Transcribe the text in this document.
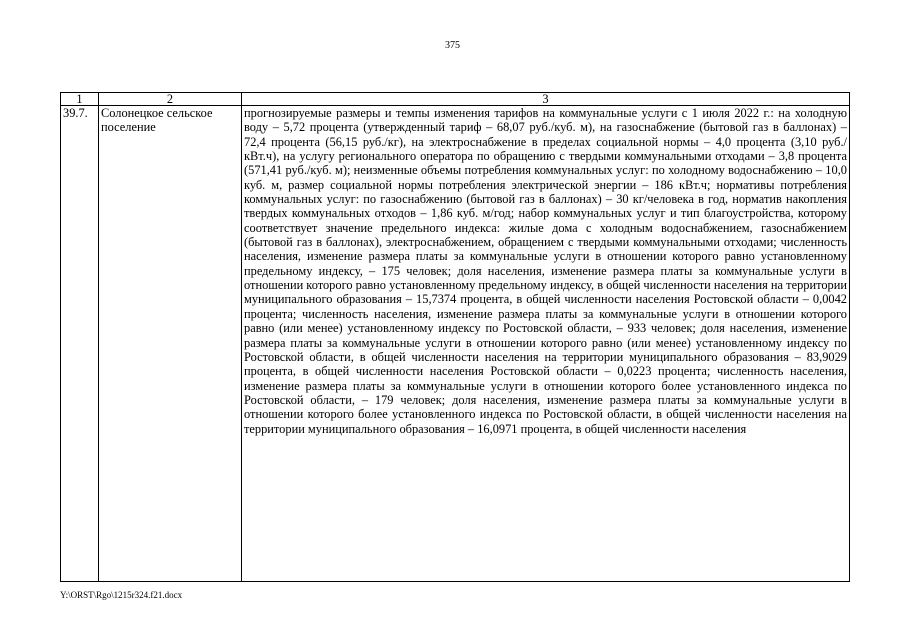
375
1	2	3
39.7.	Солонецкое сельское поселение	прогнозируемые размеры и темпы изменения тарифов на коммунальные услуги с 1 июля 2022 г.: на холодную воду – 5,72 процента (утвержденный тариф – 68,07 руб./куб. м), на газоснабжение (бытовой газ в баллонах) – 72,4 процента (56,15 руб./кг), на электроснабжение в пределах социальной нормы – 4,0 процента (3,10 руб./кВт.ч), на услугу регионального оператора по обращению с твердыми коммунальными отходами – 3,8 процента (571,41 руб./куб. м); неизменные объемы потребления коммунальных услуг: по холодному водоснабжению – 10,0 куб. м, размер социальной нормы потребления электрической энергии – 186 кВт.ч; нормативы потребления коммунальных услуг: по газоснабжению (бытовой газ в баллонах) – 30 кг/человека в год, норматив накопления твердых коммунальных отходов – 1,86 куб. м/год; набор коммунальных услуг и тип благоустройства, которому соответствует значение предельного индекса: жилые дома с холодным водоснабжением, газоснабжением (бытовой газ в баллонах), электроснабжением, обращением с твердыми коммунальными отходами; численность населения, изменение размера платы за коммунальные услуги в отношении которого равно установленному предельному индексу, – 175 человек; доля населения, изменение размера платы за коммунальные услуги в отношении которого равно установленному предельному индексу, в общей численности населения на территории муниципального образования – 15,7374 процента, в общей численности населения Ростовской области – 0,0042 процента; численность населения, изменение размера платы за коммунальные услуги в отношении которого равно (или менее) установленному индексу по Ростовской области, – 933 человек; доля населения, изменение размера платы за коммунальные услуги в отношении которого равно (или менее) установленному индексу по Ростовской области, в общей численности населения на территории муниципального образования – 83,9029 процента, в общей численности населения Ростовской области – 0,0223 процента; численность населения, изменение размера платы за коммунальные услуги в отношении которого более установленного индекса по Ростовской области, – 179 человек; доля населения, изменение размера платы за коммунальные услуги в отношении которого более установленного индекса по Ростовской области, в общей численности населения на территории муниципального образования – 16,0971 процента, в общей численности населения
Y:\ORST\Rgo\1215r324.f21.docx
